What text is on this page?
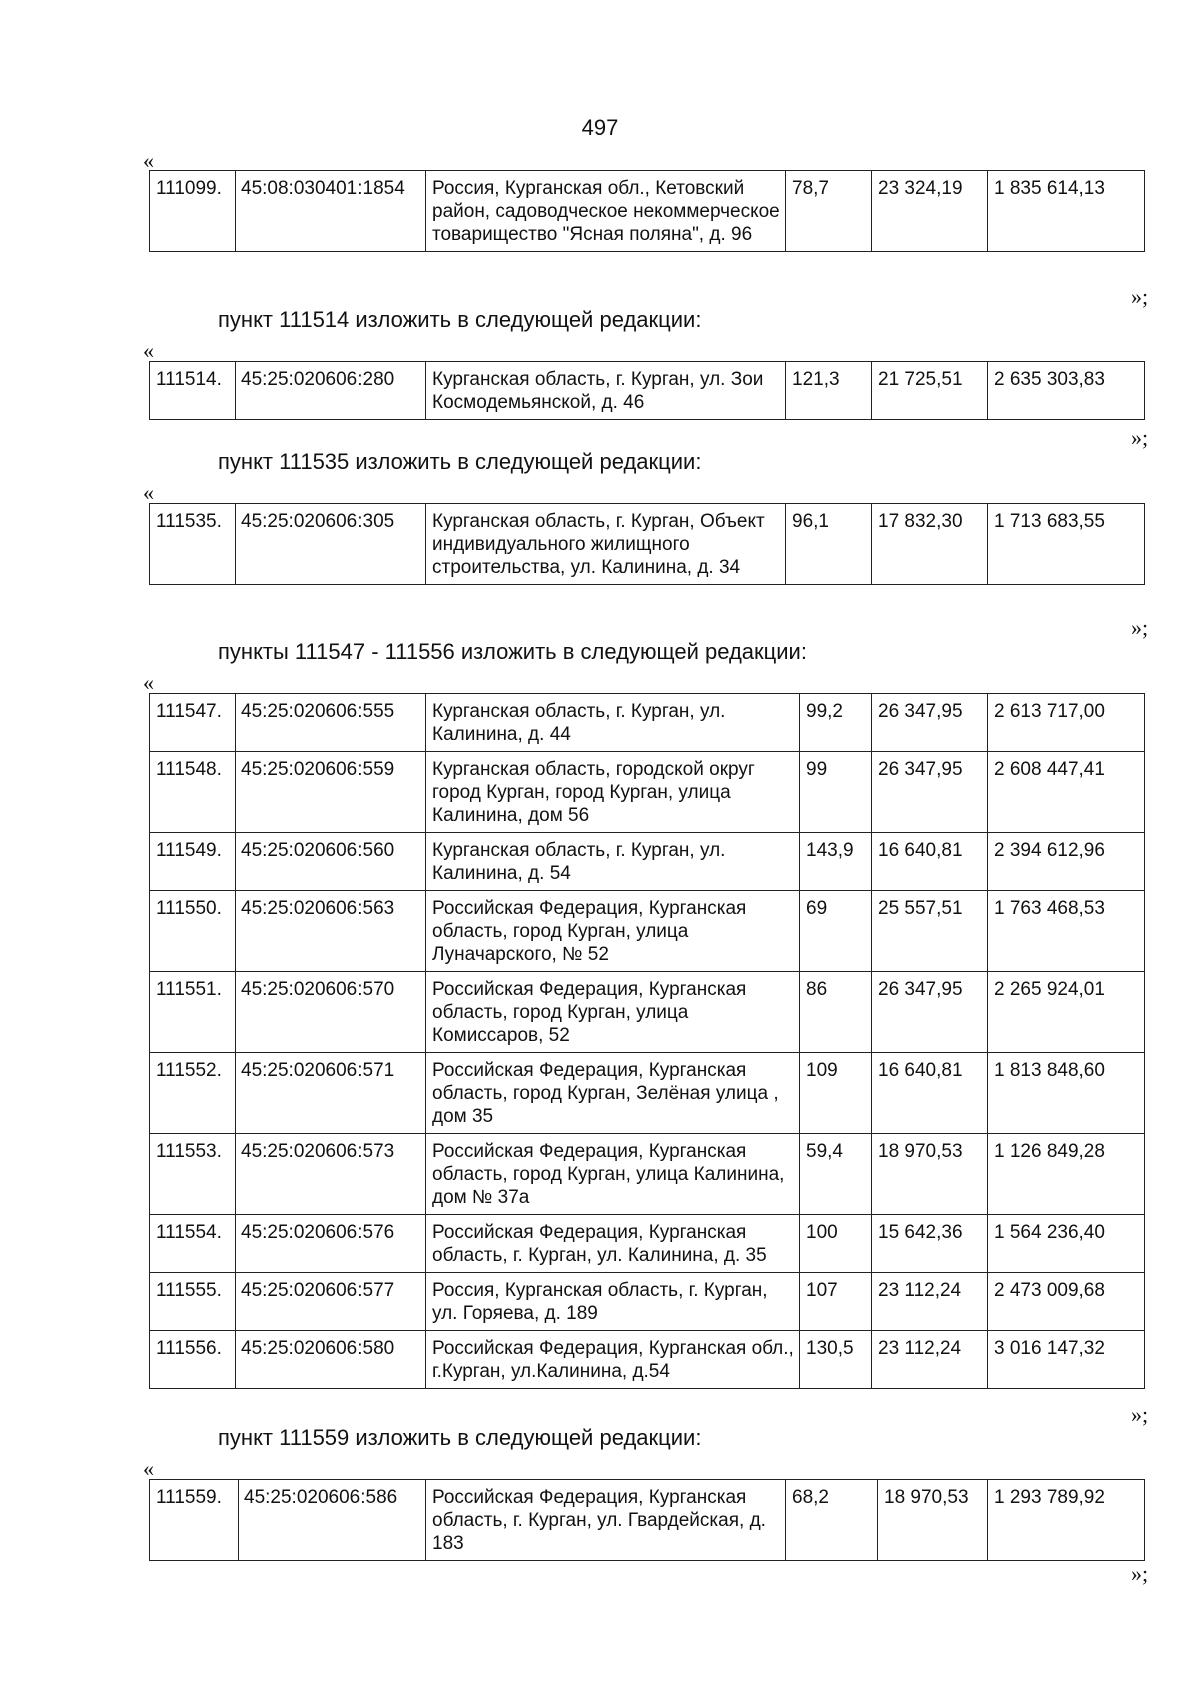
497
«
111099.	45:08:030401:1854	Россия, Курганская обл., Кетовский район, садоводческое некоммерческое товарищество "Ясная поляна", д. 96	78,7	23 324,19	1 835 614,13
»;
пункт 111514 изложить в следующей редакции:
«
111514.	45:25:020606:280	Курганская область, г. Курган, ул. Зои Космодемьянской, д. 46	121,3	21 725,51	2 635 303,83
»;
пункт 111535 изложить в следующей редакции:
«
111535.	45:25:020606:305	Курганская область, г. Курган, Объект индивидуального жилищного строительства, ул. Калинина, д. 34	96,1	17 832,30	1 713 683,55
»;
пункты 111547 - 111556 изложить в следующей редакции:
«
111547.	45:25:020606:555	Курганская область, г. Курган, ул. Калинина, д. 44	99,2	26 347,95	2 613 717,00
111548.	45:25:020606:559	Курганская область, городской округ город Курган, город Курган, улица Калинина, дом 56	99	26 347,95	2 608 447,41
111549.	45:25:020606:560	Курганская область, г. Курган, ул. Калинина, д. 54	143,9	16 640,81	2 394 612,96
111550.	45:25:020606:563	Российская Федерация, Курганская область, город Курган, улица Луначарского, № 52	69	25 557,51	1 763 468,53
111551.	45:25:020606:570	Российская Федерация, Курганская область, город Курган, улица Комиссаров, 52	86	26 347,95	2 265 924,01
111552.	45:25:020606:571	Российская Федерация, Курганская область, город Курган, Зелёная улица , дом 35	109	16 640,81	1 813 848,60
111553.	45:25:020606:573	Российская Федерация, Курганская область, город Курган, улица Калинина, дом № 37а	59,4	18 970,53	1 126 849,28
111554.	45:25:020606:576	Российская Федерация, Курганская область, г. Курган, ул. Калинина, д. 35	100	15 642,36	1 564 236,40
111555.	45:25:020606:577	Россия, Курганская область, г. Курган, ул. Горяева, д. 189	107	23 112,24	2 473 009,68
111556.	45:25:020606:580	Российская Федерация, Курганская обл., г.Курган, ул.Калинина, д.54	130,5	23 112,24	3 016 147,32
»;
пункт 111559 изложить в следующей редакции:
«
111559.	45:25:020606:586	Российская Федерация, Курганская область, г. Курган, ул. Гвардейская, д. 183	68,2	18 970,53	1 293 789,92
»;
